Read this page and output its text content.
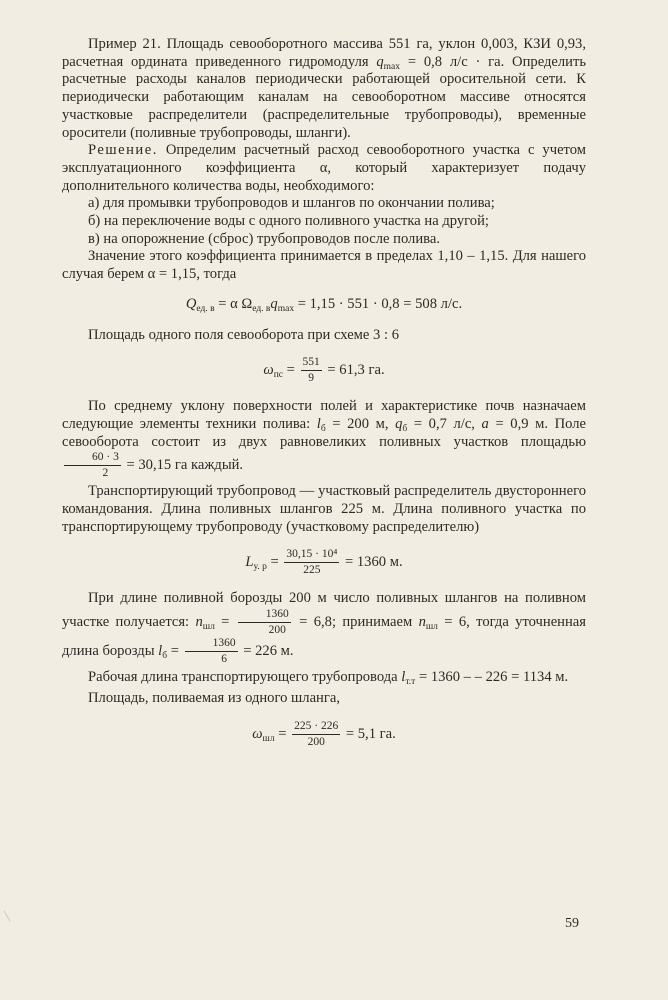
Пример 21. Площадь севооборотного массива 551 га, уклон 0,003, КЗИ 0,93, расчетная ордината приведенного гидромодуля $q_{max} = 0,8$ л/с · га. Определить расчетные расходы каналов периодически работающей оросительной сети. К периодически работающим каналам на севооборотном массиве относятся участковые распределители (распределительные трубопроводы), временные оросители (поливные трубопроводы, шланги).

Решение. Определим расчетный расход севооборотного участка с учетом эксплуатационного коэффициента α, который характеризует подачу дополнительного количества воды, необходимого:

а) для промывки трубопроводов и шлангов по окончании полива;

б) на переключение воды с одного поливного участка на другой;

в) на опорожнение (сброс) трубопроводов после полива.

Значение этого коэффициента принимается в пределах 1,10 – 1,15. Для нашего случая берем α = 1,15, тогда

$Q_{ед. в} = \alpha$ $\Omega_{ед. в}q_{max} = 1,15 \cdot 551 \cdot 0,8 = 508$ л/с.

Площадь одного поля севооборота при схеме 3 : 6

$\omega_{пс} = \frac{551}{9} = 61,3$ га.

По среднему уклону поверхности полей и характеристике почв назначаем следующие элементы техники полива: $l_б = 200$ м, $q_б = 0,7$ л/с, a = 0,9 м. Поле севооборота состоит из двух равновеликих поливных участков площадью
$\frac{60 \cdot 3}{2} = 30,15$ га каждый.

Транспортирующий трубопровод — участковый распределитель двустороннего командования. Длина поливных шлангов 225 м. Длина поливного участка по транспортирующему трубопроводу (участковому распределителю)

$L_{у. р} = \frac{\text{30,15 · 10⁴}}{225} = 1360$ м.

При длине поливной борозды 200 м число поливных шлангов на поливном участке получается: $n_{шл} = \frac{1360}{200} = 6,8$; принимаем $n_{шл} = 6$, тогда уточненная длина борозды $l_б = \frac{1360}{6} = 226$ м.

Рабочая длина транспортирующего трубопровода $l_{т.т} = 1360$ – – 226 = 1134 м.

Площадь, поливаемая из одного шланга,

$\omega_{шл} = \frac{225 \cdot 226}{200} = 5,1$ га.

59
